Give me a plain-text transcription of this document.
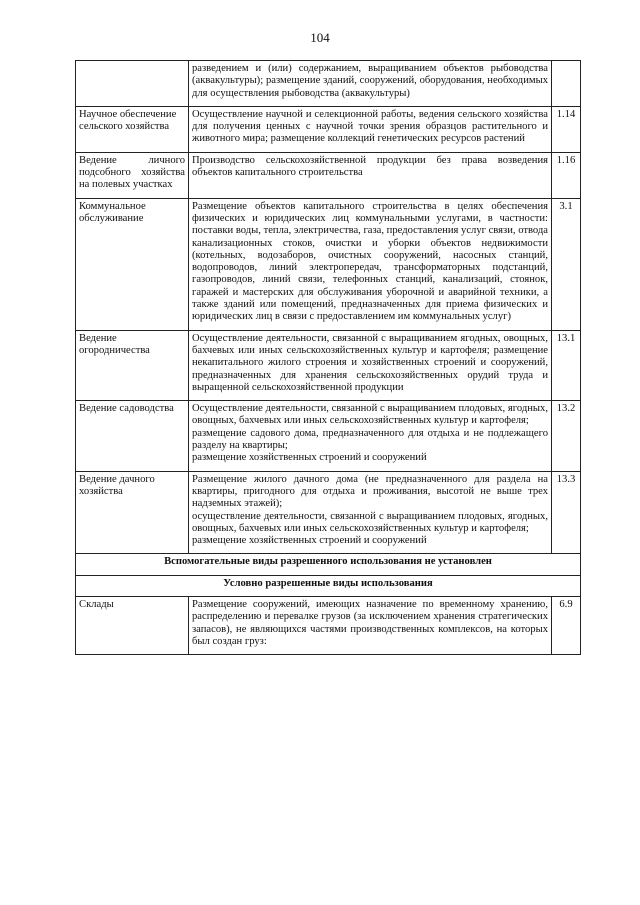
104
	разведением и (или) содержанием, выращиванием объектов рыбоводства (аквакультуры); размещение зданий, сооружений, оборудования, необходимых для осуществления рыбоводства (аквакультуры)	
Научное обеспечение сельского хозяйства	Осуществление научной и селекционной работы, ведения сельского хозяйства для получения ценных с научной точки зрения образцов растительного и животного мира; размещение коллекций генетических ресурсов растений	1.14
Ведение личного подсобного хозяйства на полевых участках	Производство сельскохозяйственной продукции без права возведения объектов капитального строительства	1.16
Коммунальное обслуживание	Размещение объектов капитального строительства в целях обеспечения физических и юридических лиц коммунальными услугами, в частности: поставки воды, тепла, электричества, газа, предоставления услуг связи, отвода канализационных стоков, очистки и уборки объектов недвижимости (котельных, водозаборов, очистных сооружений, насосных станций, водопроводов, линий электропередач, трансформаторных подстанций, газопроводов, линий связи, телефонных станций, канализаций, стоянок, гаражей и мастерских для обслуживания уборочной и аварийной техники, а также зданий или помещений, предназначенных для приема физических и юридических лиц в связи с предоставлением им коммунальных услуг)	3.1
Ведение огородничества	Осуществление деятельности, связанной с выращиванием ягодных, овощных, бахчевых или иных сельскохозяйственных культур и картофеля; размещение некапитального жилого строения и хозяйственных строений и сооружений, предназначенных для хранения сельскохозяйственных орудий труда и выращенной сельскохозяйственной продукции	13.1
Ведение садоводства	Осуществление деятельности, связанной с выращиванием плодовых, ягодных, овощных, бахчевых или иных сельскохозяйственных культур и картофеля;
размещение садового дома, предназначенного для отдыха и не подлежащего разделу на квартиры;
размещение хозяйственных строений и сооружений	13.2
Ведение дачного хозяйства	Размещение жилого дачного дома (не предназначенного для раздела на квартиры, пригодного для отдыха и проживания, высотой не выше трех надземных этажей);
осуществление деятельности, связанной с выращиванием плодовых, ягодных, овощных, бахчевых или иных сельскохозяйственных культур и картофеля;
размещение хозяйственных строений и сооружений	13.3
Вспомогательные виды разрешенного использования не установлен		
Условно разрешенные виды использования		
Склады	Размещение сооружений, имеющих назначение по временному хранению, распределению и перевалке грузов (за исключением хранения стратегических запасов), не являющихся частями производственных комплексов, на которых был создан груз:	6.9
